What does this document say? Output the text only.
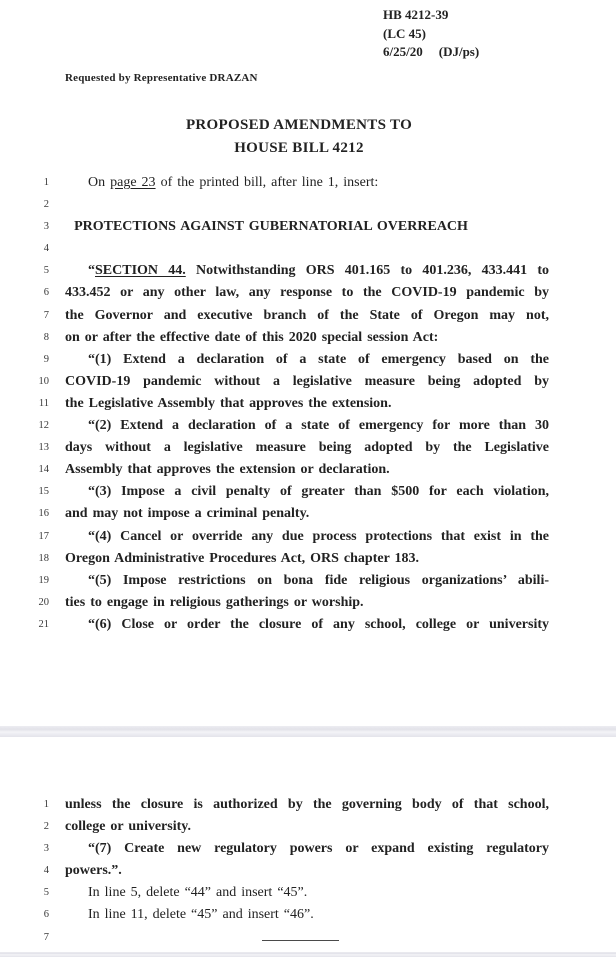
HB 4212-39
(LC 45)
6/25/20 (DJ/ps)
Requested by Representative DRAZAN
PROPOSED AMENDMENTS TO
HOUSE BILL 4212
1	On page 23 of the printed bill, after line 1, insert:
2
3	PROTECTIONS AGAINST GUBERNATORIAL OVERREACH
4
5	“SECTION 44. Notwithstanding ORS 401.165 to 401.236, 433.441 to
6 433.452 or any other law, any response to the COVID-19 pandemic by
7 the Governor and executive branch of the State of Oregon may not,
8 on or after the effective date of this 2020 special session Act:
9	“(1) Extend a declaration of a state of emergency based on the
10 COVID-19 pandemic without a legislative measure being adopted by
11 the Legislative Assembly that approves the extension.
12	“(2) Extend a declaration of a state of emergency for more than 30
13 days without a legislative measure being adopted by the Legislative
14 Assembly that approves the extension or declaration.
15	“(3) Impose a civil penalty of greater than $500 for each violation,
16 and may not impose a criminal penalty.
17	“(4) Cancel or override any due process protections that exist in the
18 Oregon Administrative Procedures Act, ORS chapter 183.
19	“(5) Impose restrictions on bona fide religious organizations’ abili-
20 ties to engage in religious gatherings or worship.
21	“(6) Close or order the closure of any school, college or university
1 unless the closure is authorized by the governing body of that school,
2 college or university.
3	“(7) Create new regulatory powers or expand existing regulatory
4 powers.”.
5	In line 5, delete “44” and insert “45”.
6	In line 11, delete “45” and insert “46”.
7
